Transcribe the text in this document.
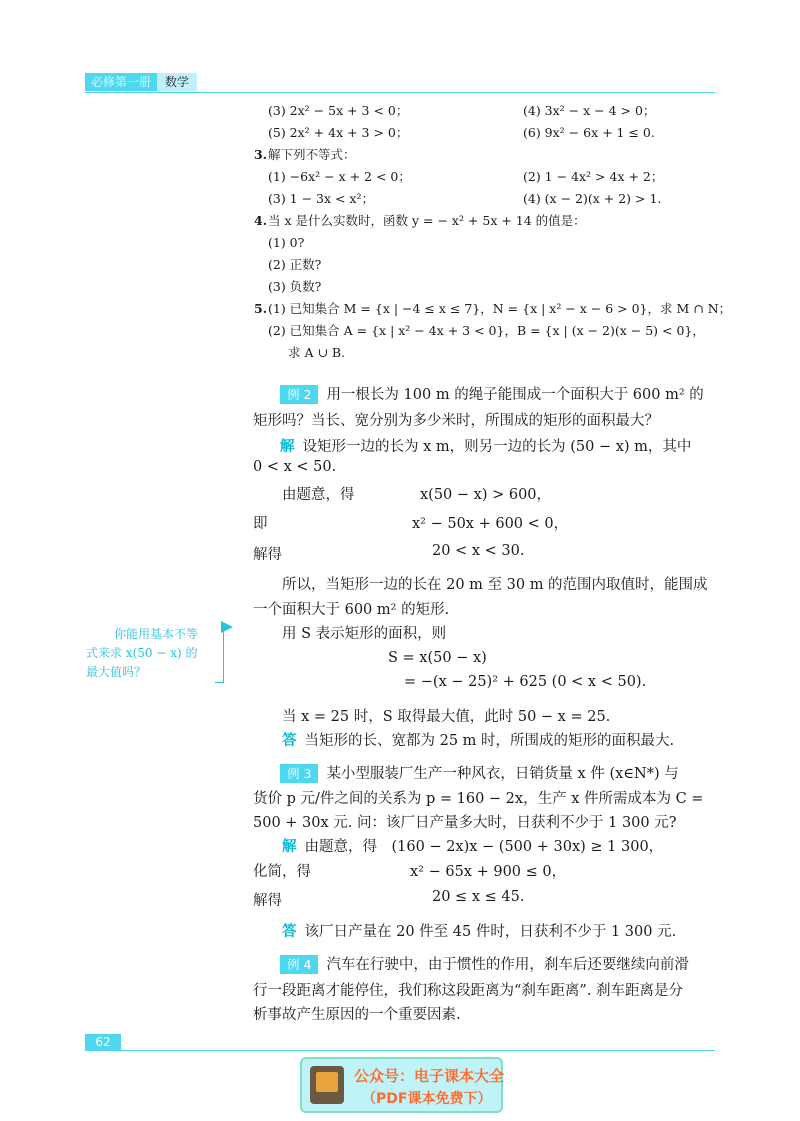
必修第一册	数学
(3) 2x² − 5x + 3 < 0；	(4) 3x² − x − 4 > 0；
(5) 2x² + 4x + 3 > 0；	(6) 9x² − 6x + 1 ≤ 0.
3. 解下列不等式：
(1) −6x² − x + 2 < 0；	(2) 1 − 4x² > 4x + 2；
(3) 1 − 3x < x²；	(4) (x − 2)(x + 2) > 1.
4. 当 x 是什么实数时，函数 y = − x² + 5x + 14 的值是：
(1) 0?
(2) 正数?
(3) 负数?
5. (1) 已知集合 M = {x | −4 ≤ x ≤ 7}，N = {x | x² − x − 6 > 0}，求 M ∩ N；
(2) 已知集合 A = {x | x² − 4x + 3 < 0}，B = {x | (x − 2)(x − 5) < 0}，
求 A ∪ B.
例 2 用一根长为 100 m 的绳子能围成一个面积大于 600 m² 的
矩形吗？当长、宽分别为多少米时，所围成的矩形的面积最大？
解 设矩形一边的长为 x m，则另一边的长为 (50 − x) m，其中
0 < x < 50.
由题意，得	x(50 − x) > 600，
即	x² − 50x + 600 < 0，
解得	20 < x < 30.
所以，当矩形一边的长在 20 m 至 30 m 的范围内取值时，能围成
一个面积大于 600 m² 的矩形.
用 S 表示矩形的面积，则
S = x(50 − x)
= −(x − 25)² + 625 (0 < x < 50).
当 x = 25 时，S 取得最大值，此时 50 − x = 25.
答 当矩形的长、宽都为 25 m 时，所围成的矩形的面积最大.
你能用基本不等
式来求 x(50 − x) 的
最大值吗？
例 3 某小型服装厂生产一种风衣，日销货量 x 件 (x∈N*) 与
货价 p 元/件之间的关系为 p = 160 − 2x，生产 x 件所需成本为 C =
500 + 30x 元. 问：该厂日产量多大时，日获利不少于 1 300 元?
解 由题意，得　(160 − 2x)x − (500 + 30x) ≥ 1 300，
化简，得	x² − 65x + 900 ≤ 0，
解得	20 ≤ x ≤ 45.
答 该厂日产量在 20 件至 45 件时，日获利不少于 1 300 元.
例 4 汽车在行驶中，由于惯性的作用，刹车后还要继续向前滑
行一段距离才能停住，我们称这段距离为“刹车距离”. 刹车距离是分
析事故产生原因的一个重要因素.
62
公众号：电子课本大全
（PDF课本免费下）
